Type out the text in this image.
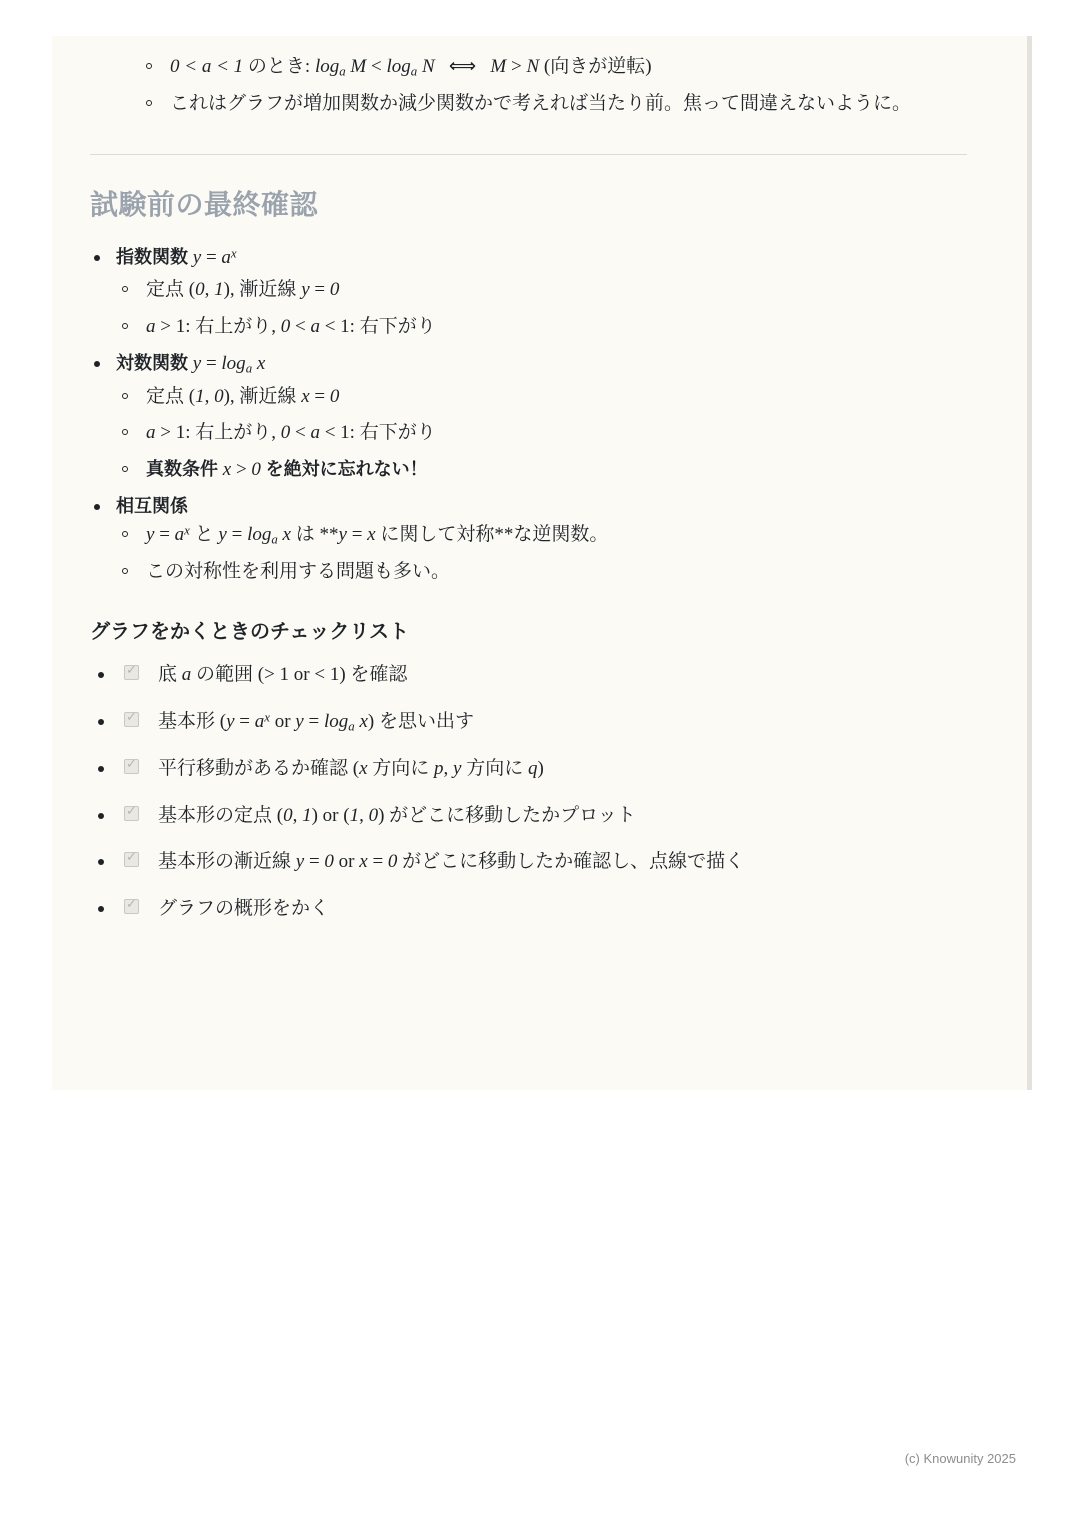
0 < a < 1 のとき: $\log_a M < \log_a N$   ⟺   M > N (向きが逆転)
これはグラフが増加関数か減少関数かで考えれば当たり前。焦って間違えないように。
試験前の最終確認
指数関数 $y = a^x$
定点 (0, 1), 漸近線 y = 0
a > 1: 右上がり, 0 < a < 1: 右下がり
対数関数 $y = \log_a x$
定点 (1, 0), 漸近線 x = 0
a > 1: 右上がり, 0 < a < 1: 右下がり
真数条件 x > 0 を絶対に忘れない！
相互関係
$y = a^x$ と $y = \log_a x$ は **y = x に関して対称**な逆関数。
この対称性を利用する問題も多い。
グラフをかくときのチェックリスト
✓
底 a の範囲 (> 1 or < 1) を確認
✓
基本形 ($y = a^x$ or $y = \log_a x$) を思い出す
✓
平行移動があるか確認 (x 方向に p, y 方向に q)
✓
基本形の定点 (0, 1) or (1, 0) がどこに移動したかプロット
✓
基本形の漸近線 y = 0 or x = 0 がどこに移動したか確認し、点線で描く
✓
グラフの概形をかく
(c) Knowunity 2025
